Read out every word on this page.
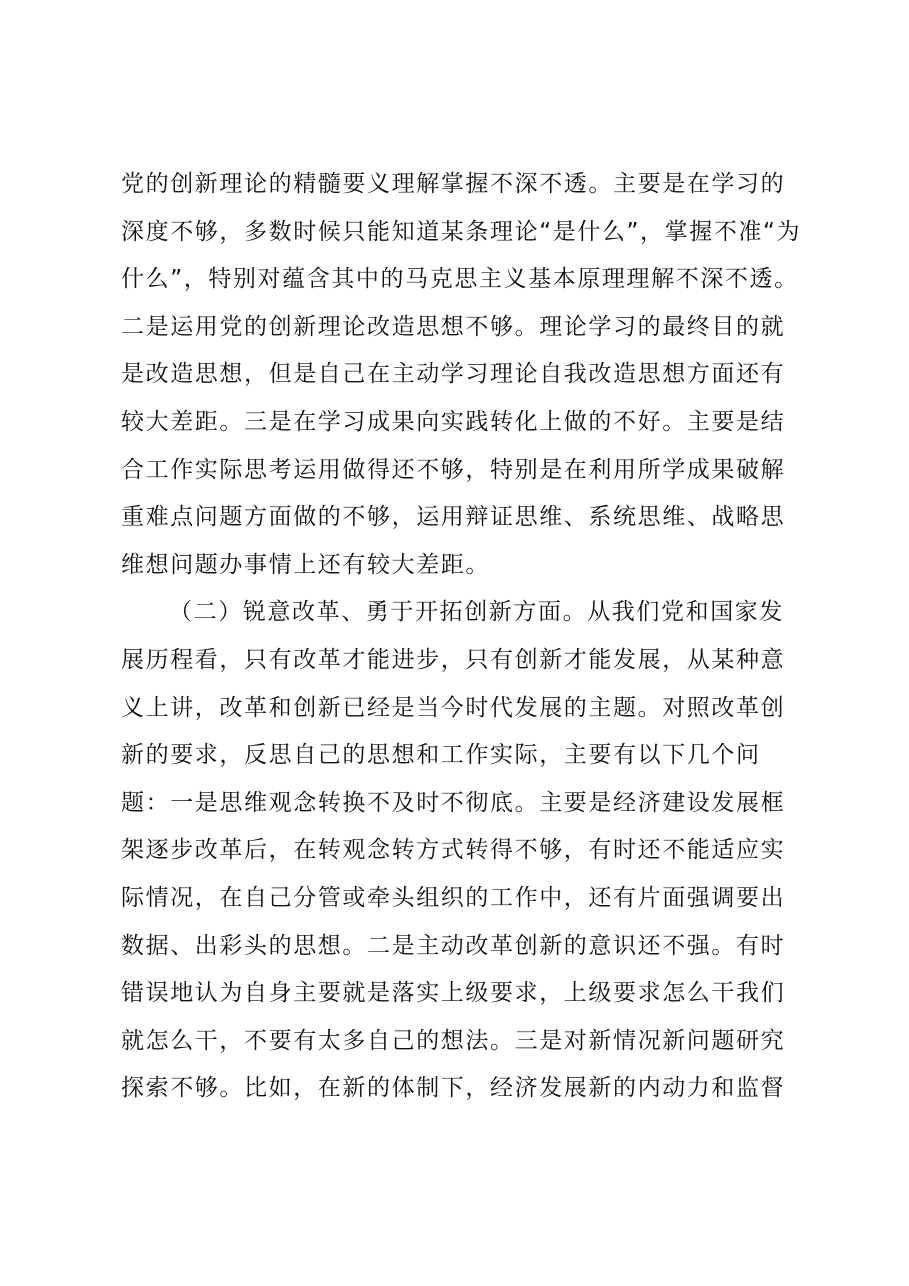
党的创新理论的精髓要义理解掌握不深不透。主要是在学习的
深度不够，多数时候只能知道某条理论“是什么”，掌握不准“为
什么”，特别对蕴含其中的马克思主义基本原理理解不深不透。
二是运用党的创新理论改造思想不够。理论学习的最终目的就
是改造思想，但是自己在主动学习理论自我改造思想方面还有
较大差距。三是在学习成果向实践转化上做的不好。主要是结
合工作实际思考运用做得还不够，特别是在利用所学成果破解
重难点问题方面做的不够，运用辩证思维、系统思维、战略思
维想问题办事情上还有较大差距。
（二）锐意改革、勇于开拓创新方面。从我们党和国家发
展历程看，只有改革才能进步，只有创新才能发展，从某种意
义上讲，改革和创新已经是当今时代发展的主题。对照改革创
新的要求，反思自己的思想和工作实际，主要有以下几个问
题：一是思维观念转换不及时不彻底。主要是经济建设发展框
架逐步改革后，在转观念转方式转得不够，有时还不能适应实
际情况，在自己分管或牵头组织的工作中，还有片面强调要出
数据、出彩头的思想。二是主动改革创新的意识还不强。有时
错误地认为自身主要就是落实上级要求，上级要求怎么干我们
就怎么干，不要有太多自己的想法。三是对新情况新问题研究
探索不够。比如，在新的体制下，经济发展新的内动力和监督
